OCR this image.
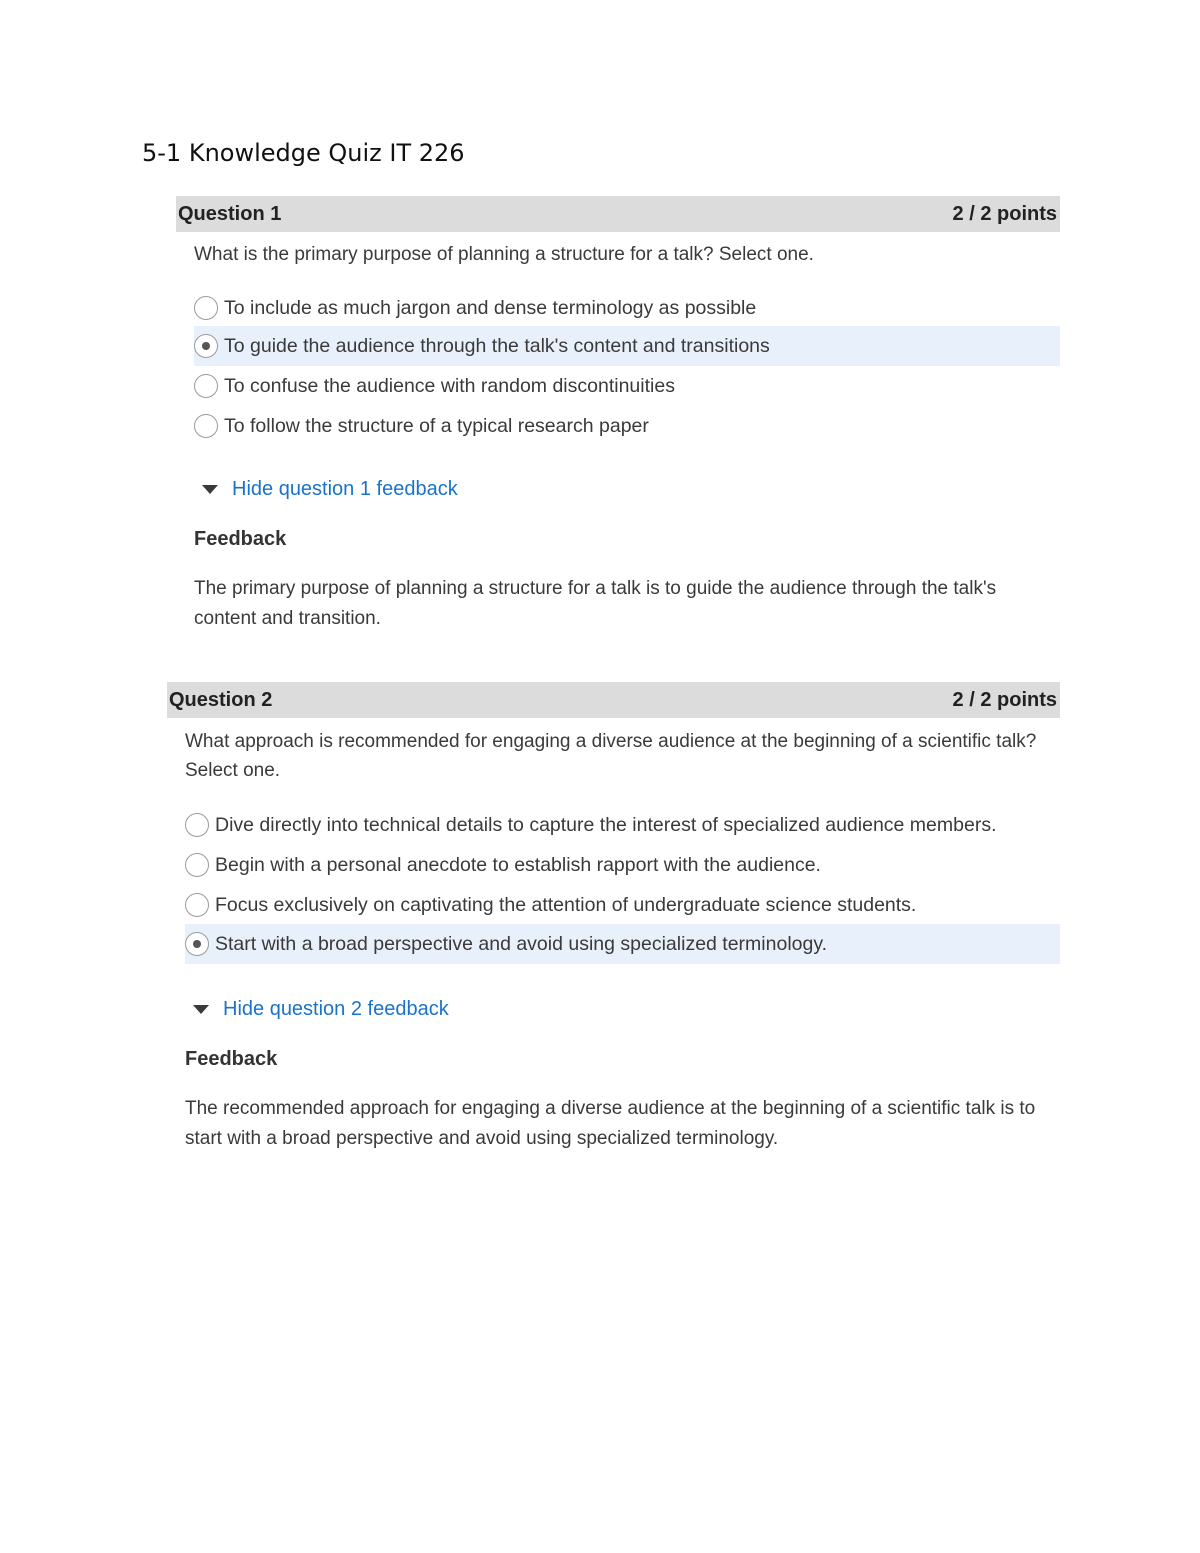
5-1 Knowledge Quiz IT 226
Question 1	2 / 2 points
What is the primary purpose of planning a structure for a talk? Select one.
To include as much jargon and dense terminology as possible
To guide the audience through the talk's content and transitions
To confuse the audience with random discontinuities
To follow the structure of a typical research paper
Hide question 1 feedback
Feedback
The primary purpose of planning a structure for a talk is to guide the audience through the talk's content and transition.
Question 2	2 / 2 points
What approach is recommended for engaging a diverse audience at the beginning of a scientific talk? Select one.
Dive directly into technical details to capture the interest of specialized audience members.
Begin with a personal anecdote to establish rapport with the audience.
Focus exclusively on captivating the attention of undergraduate science students.
Start with a broad perspective and avoid using specialized terminology.
Hide question 2 feedback
Feedback
The recommended approach for engaging a diverse audience at the beginning of a scientific talk is to start with a broad perspective and avoid using specialized terminology.
